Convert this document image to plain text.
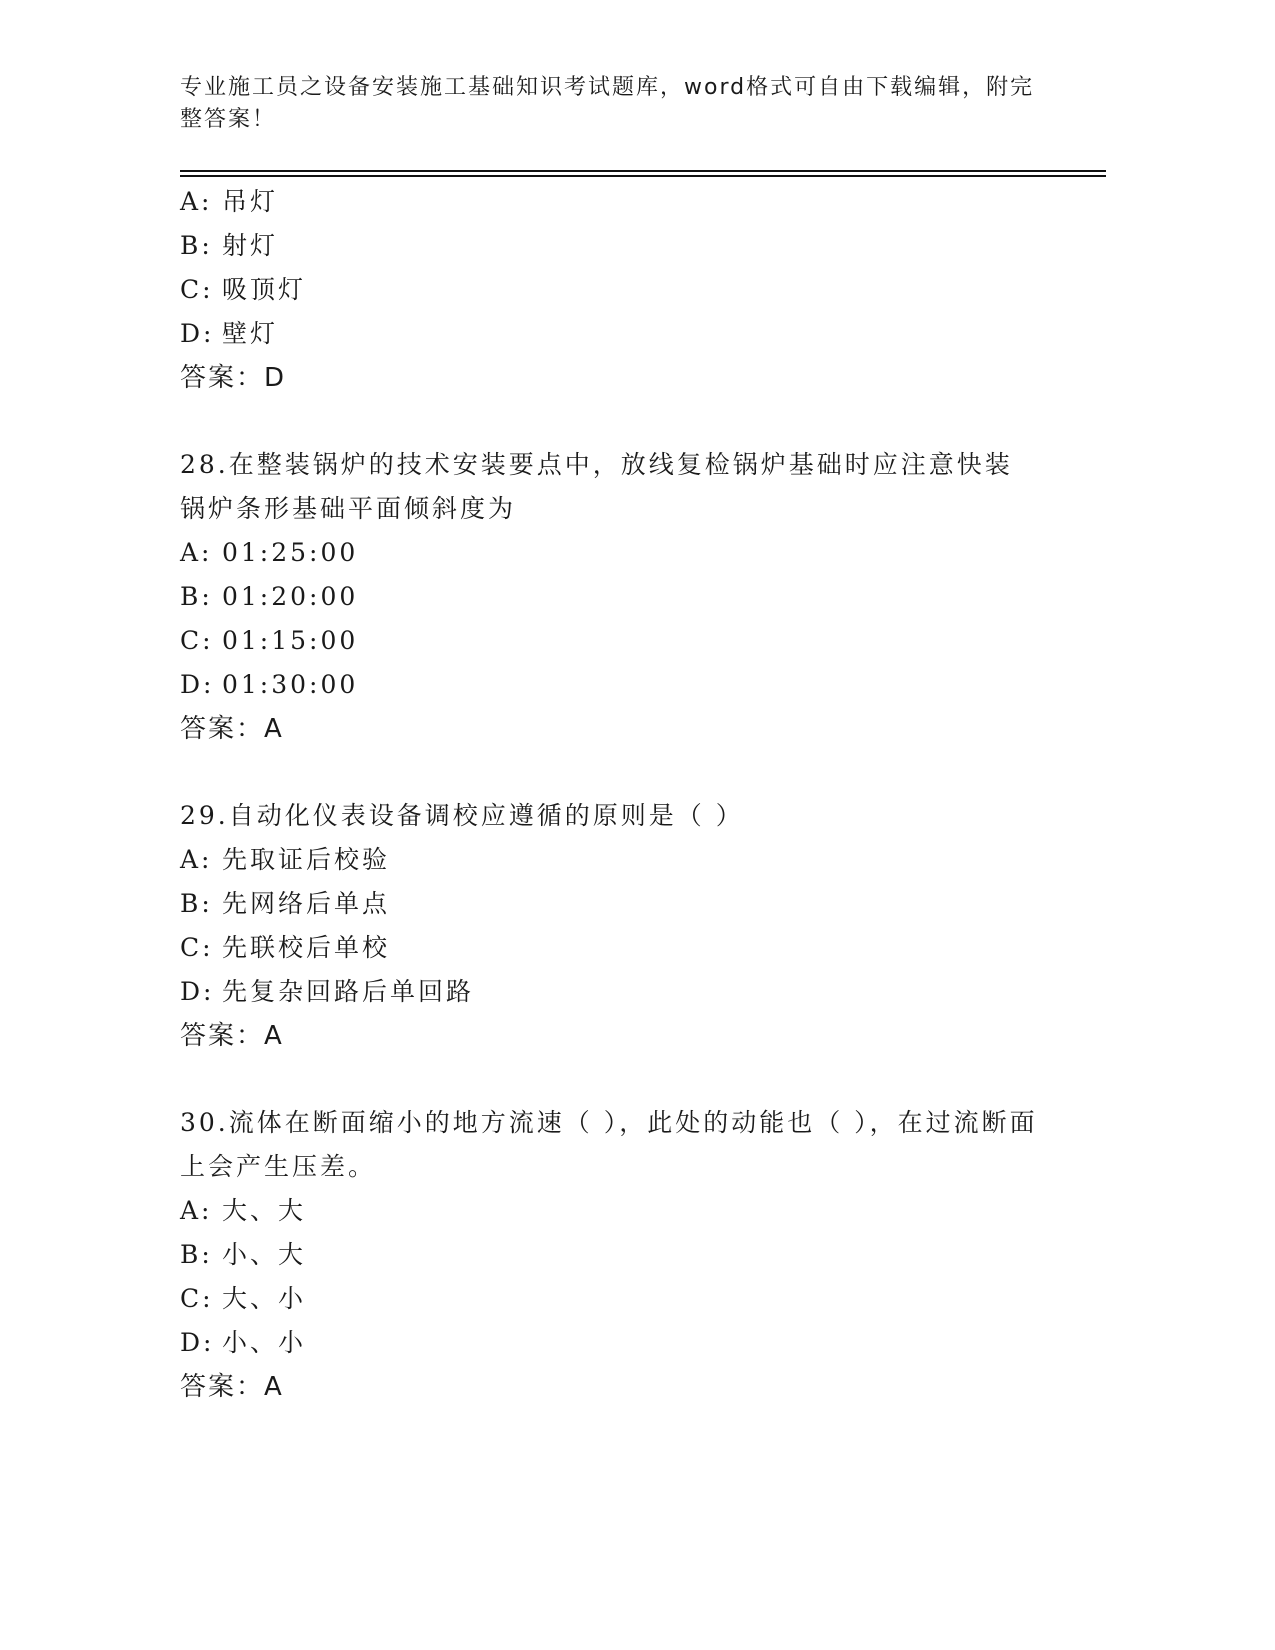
专业施工员之设备安装施工基础知识考试题库，word格式可自由下载编辑，附完整答案！
A: 吊灯
B: 射灯
C: 吸顶灯
D: 壁灯
答案：D
28.在整装锅炉的技术安装要点中，放线复检锅炉基础时应注意快装锅炉条形基础平面倾斜度为
A: 01:25:00
B: 01:20:00
C: 01:15:00
D: 01:30:00
答案：A
29.自动化仪表设备调校应遵循的原则是（ ）
A: 先取证后校验
B: 先网络后单点
C: 先联校后单校
D: 先复杂回路后单回路
答案：A
30.流体在断面缩小的地方流速（ ），此处的动能也（ ），在过流断面上会产生压差。
A: 大、大
B: 小、大
C: 大、小
D: 小、小
答案：A
